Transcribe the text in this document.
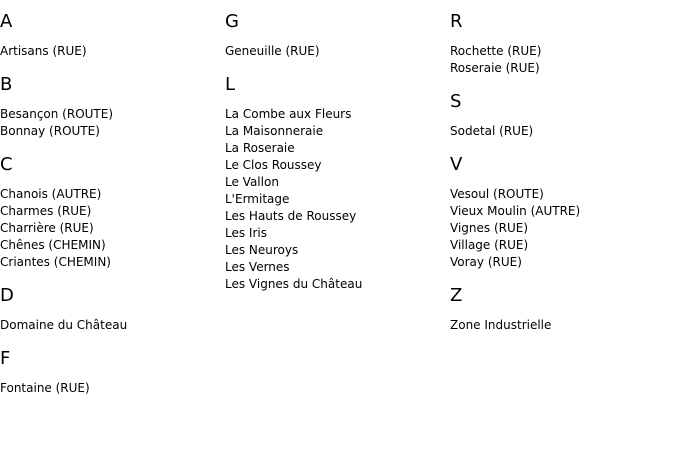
A
Artisans (RUE)
B
Besançon (ROUTE)
Bonnay (ROUTE)
C
Chanois (AUTRE)
Charmes (RUE)
Charrière (RUE)
Chênes (CHEMIN)
Criantes (CHEMIN)
D
Domaine du Château
F
Fontaine (RUE)
G
Geneuille (RUE)
L
La Combe aux Fleurs
La Maisonneraie
La Roseraie
Le Clos Roussey
Le Vallon
L'Ermitage
Les Hauts de Roussey
Les Iris
Les Neuroys
Les Vernes
Les Vignes du Château
R
Rochette (RUE)
Roseraie (RUE)
S
Sodetal (RUE)
V
Vesoul (ROUTE)
Vieux Moulin (AUTRE)
Vignes (RUE)
Village (RUE)
Voray (RUE)
Z
Zone Industrielle
